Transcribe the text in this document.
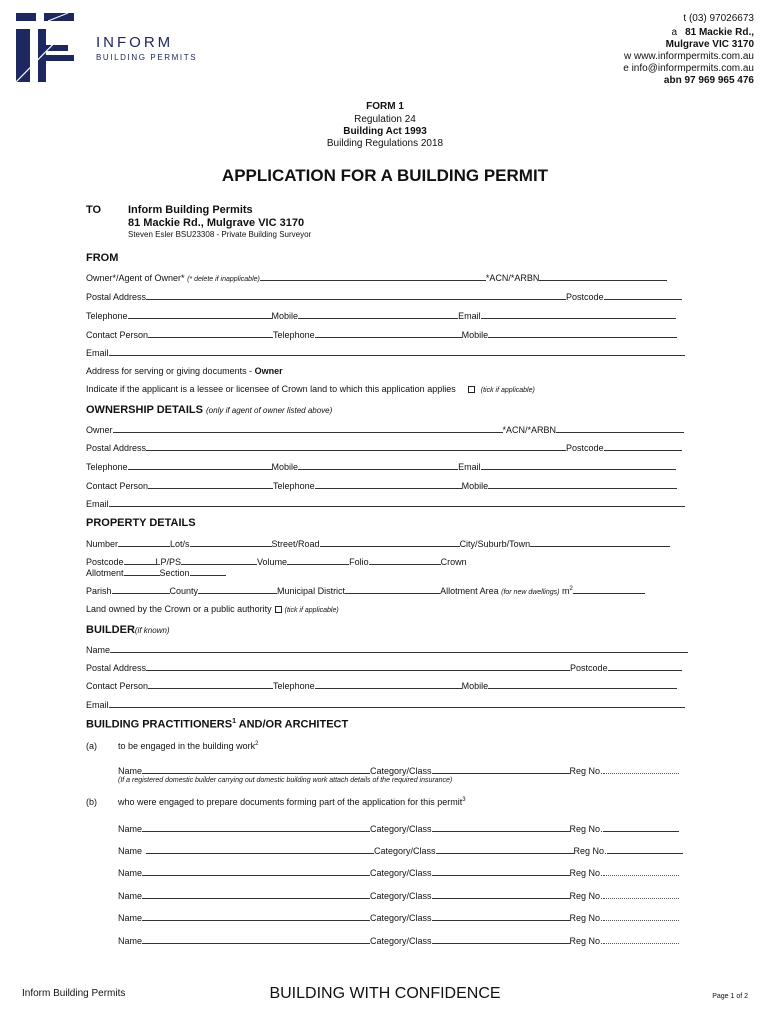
INFORM
BUILDING PERMITS
t (03) 97026673
a 81 Mackie Rd.,
Mulgrave VIC 3170
w www.informpermits.com.au
e info@informpermits.com.au
abn 97 969 965 476
FORM 1
Regulation 24
Building Act 1993
Building Regulations 2018
APPLICATION FOR A BUILDING PERMIT
TO Inform Building Permits
81 Mackie Rd., Mulgrave VIC 3170
Steven Esler BSU23308 - Private Building Surveyor
FROM
Owner*/Agent of Owner* (* delete if inapplicable)	*ACN/*ARBN
Postal Address	Postcode
Telephone	Mobile	Email
Contact Person	Telephone	Mobile
Email
Address for serving or giving documents - Owner
Indicate if the applicant is a lessee or licensee of Crown land to which this application applies	(tick if applicable)
OWNERSHIP DETAILS (only if agent of owner listed above)
Owner	*ACN/*ARBN
Postal Address	Postcode
Telephone	Mobile	Email
Contact Person	Telephone	Mobile
Email
PROPERTY DETAILS
Number	Lot/s	Street/Road	City/Suburb/Town
Postcode	LP/PS	Volume	Folio	Crown
Allotment	Section
Parish	County	Municipal District	Allotment Area (for new dwellings) $m^2$
Land owned by the Crown or a public authority (tick if applicable)
BUILDER(if known)
Name
Postal Address	Postcode
Contact Person	Telephone	Mobile
Email
BUILDING PRACTITIONERS$^1$ AND/OR ARCHITECT
(a) to be engaged in the building work$^2$
Name	Category/Class	Reg No.
(If a registered domestic builder carrying out domestic building work attach details of the required insurance)
(b) who were engaged to prepare documents forming part of the application for this permit$^3$
Name	Category/Class	Reg No.
Name	Category/Class	Reg No.
Name	Category/Class	Reg No.
Name	Category/Class	Reg No.
Name	Category/Class	Reg No.
Name	Category/Class	Reg No.
Inform Building Permits	BUILDING WITH CONFIDENCE	Page 1 of 2
